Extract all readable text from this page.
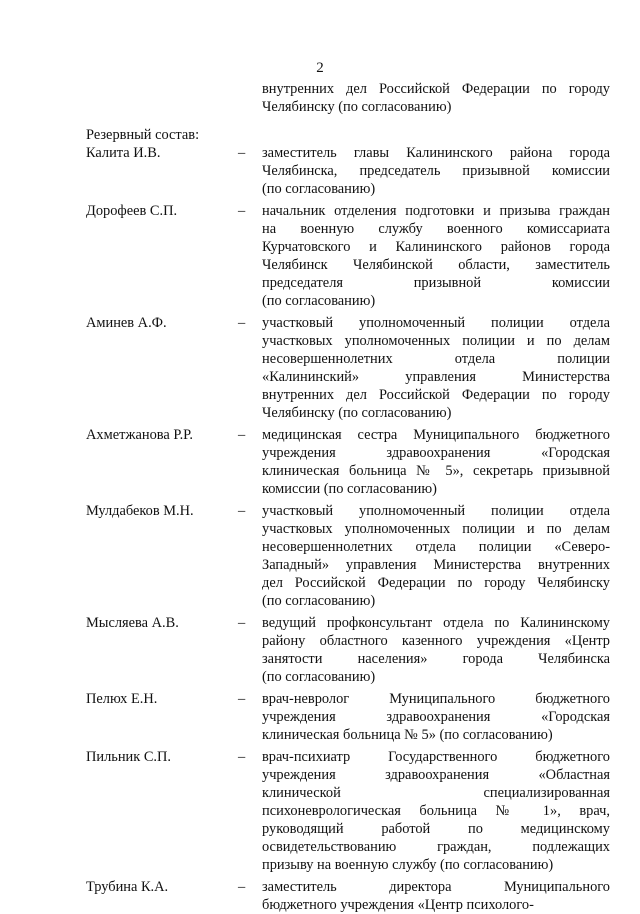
2
внутренних дел Российской Федерации по городу
Челябинску (по согласованию)
Резервный состав:
Калита И.В.	– заместитель главы Калининского района города
Челябинска, председатель призывной комиссии
(по согласованию)
Дорофеев С.П.	– начальник отделения подготовки и призыва граждан
на военную службу военного комиссариата
Курчатовского и Калининского районов города
Челябинск Челябинской области, заместитель
председателя призывной комиссии
(по согласованию)
Аминев А.Ф.	– участковый уполномоченный полиции отдела
участковых уполномоченных полиции и по делам
несовершеннолетних отдела полиции
«Калининский» управления Министерства
внутренних дел Российской Федерации по городу
Челябинску (по согласованию)
Ахметжанова Р.Р.	– медицинская сестра Муниципального бюджетного
учреждения здравоохранения «Городская
клиническая больница № 5», секретарь призывной
комиссии (по согласованию)
Мулдабеков М.Н.	– участковый уполномоченный полиции отдела
участковых уполномоченных полиции и по делам
несовершеннолетних отдела полиции «Северо-
Западный» управления Министерства внутренних
дел Российской Федерации по городу Челябинску
(по согласованию)
Мысляева А.В.	– ведущий профконсультант отдела по Калининскому
району областного казенного учреждения «Центр
занятости населения» города Челябинска
(по согласованию)
Пелюх Е.Н.	– врач-невролог Муниципального бюджетного
учреждения здравоохранения «Городская
клиническая больница № 5» (по согласованию)
Пильник С.П.	– врач-психиатр Государственного бюджетного
учреждения здравоохранения «Областная
клинической специализированная
психоневрологическая больница № 1», врач,
руководящий работой по медицинскому
освидетельствованию граждан, подлежащих
призыву на военную службу (по согласованию)
Трубина К.А.	– заместитель директора Муниципального
бюджетного учреждения «Центр психолого-
